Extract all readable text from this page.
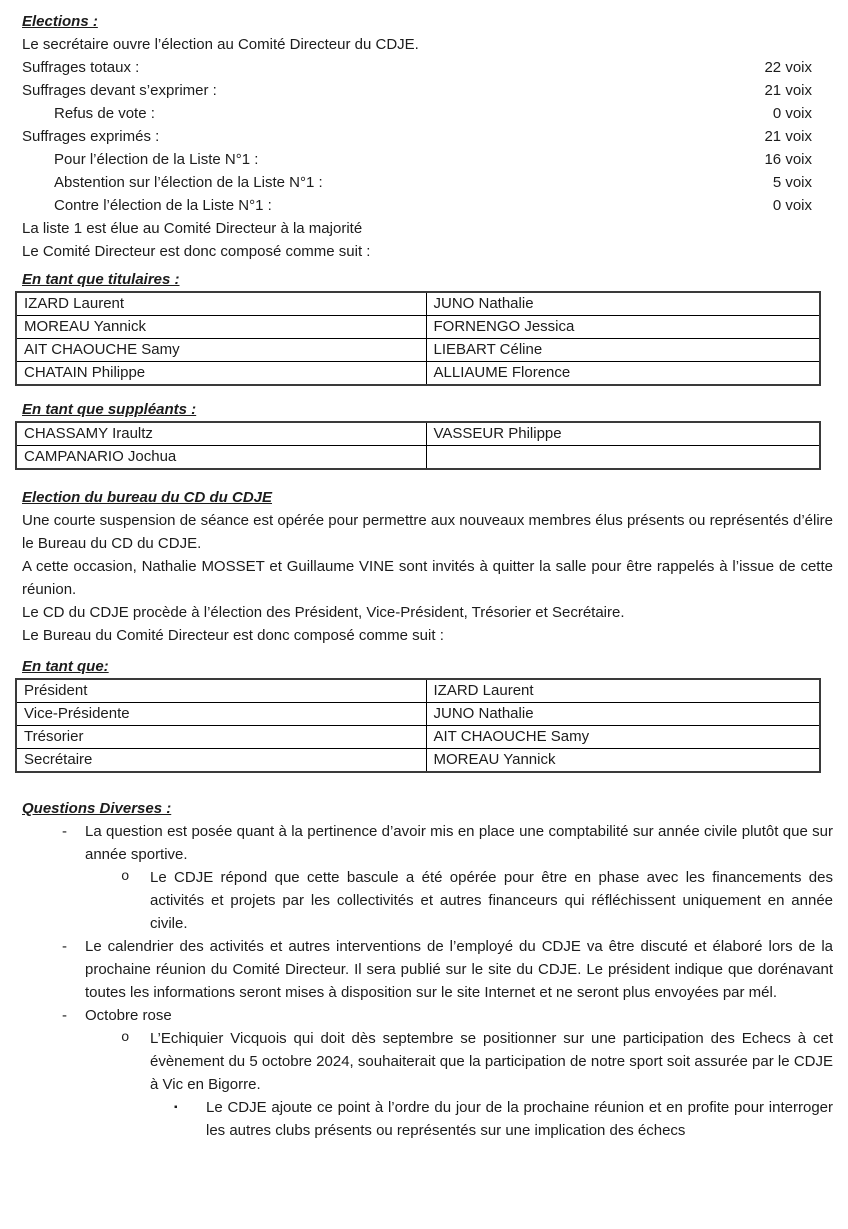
Elections :

Le secrétaire ouvre l’élection au Comité Directeur du CDJE.

Suffrages totaux :	22 voix
Suffrages devant s’exprimer :	21 voix
Refus de vote :	0 voix
Suffrages exprimés :	21 voix
Pour l’élection de la Liste N°1 :	16 voix
Abstention sur l’élection de la Liste N°1 :	5 voix
Contre l’élection de la Liste N°1 :	0 voix

La liste 1 est élue au Comité Directeur à la majorité

Le Comité Directeur est donc composé comme suit :

En tant que titulaires :
IZARD Laurent	JUNO Nathalie
MOREAU Yannick	FORNENGO Jessica
AIT CHAOUCHE Samy	LIEBART Céline
CHATAIN Philippe	ALLIAUME Florence
En tant que suppléants :
CHASSAMY Iraultz	VASSEUR Philippe
CAMPANARIO Jochua	
Election du bureau du CD du CDJE

Une courte suspension de séance est opérée pour permettre aux nouveaux membres élus présents ou représentés d’élire le Bureau du CD du CDJE.

A cette occasion, Nathalie MOSSET et Guillaume VINE sont invités à quitter la salle pour être rappelés à l’issue de cette réunion.

Le CD du CDJE procède à l’élection des Président, Vice-Président, Trésorier et Secrétaire.

Le Bureau du Comité Directeur est donc composé comme suit :

En tant que:
Président	IZARD Laurent
Vice-Présidente	JUNO Nathalie
Trésorier	AIT CHAOUCHE Samy
Secrétaire	MOREAU Yannick
Questions Diverses :

- La question est posée quant à la pertinence d’avoir mis en place une comptabilité sur année civile plutôt que sur année sportive.

o Le CDJE répond que cette bascule a été opérée pour être en phase avec les financements des activités et projets par les collectivités et autres financeurs qui réfléchissent uniquement en année civile.

- Le calendrier des activités et autres interventions de l’employé du CDJE va être discuté et élaboré lors de la prochaine réunion du Comité Directeur. Il sera publié sur le site du CDJE. Le président indique que dorénavant toutes les informations seront mises à disposition sur le site Internet et ne seront plus envoyées par mél.

- Octobre rose

o L’Echiquier Vicquois qui doit dès septembre se positionner sur une participation des Echecs à cet évènement du 5 octobre 2024, souhaiterait que la participation de notre sport soit assurée par le CDJE à Vic en Bigorre.

▪ Le CDJE ajoute ce point à l’ordre du jour de la prochaine réunion et en profite pour interroger les autres clubs présents ou représentés sur une implication des échecs
